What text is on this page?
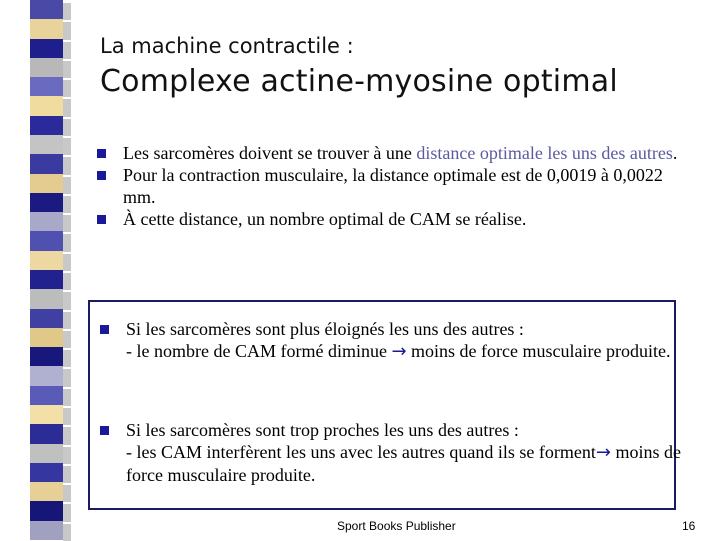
La machine contractile :
Complexe actine-myosine optimal
Les sarcomères doivent se trouver à une distance optimale les uns des autres.
Pour la contraction musculaire, la distance optimale est de 0,0019 à 0,0022 mm.
À cette distance, un nombre optimal de CAM se réalise.
Si les sarcomères sont plus éloignés les uns des autres :
- le nombre de CAM formé diminue → moins de force musculaire produite.
Si les sarcomères sont trop proches les uns des autres :
- les CAM interfèrent les uns avec les autres quand ils se forment→ moins de force musculaire produite.
Sport Books Publisher	16
